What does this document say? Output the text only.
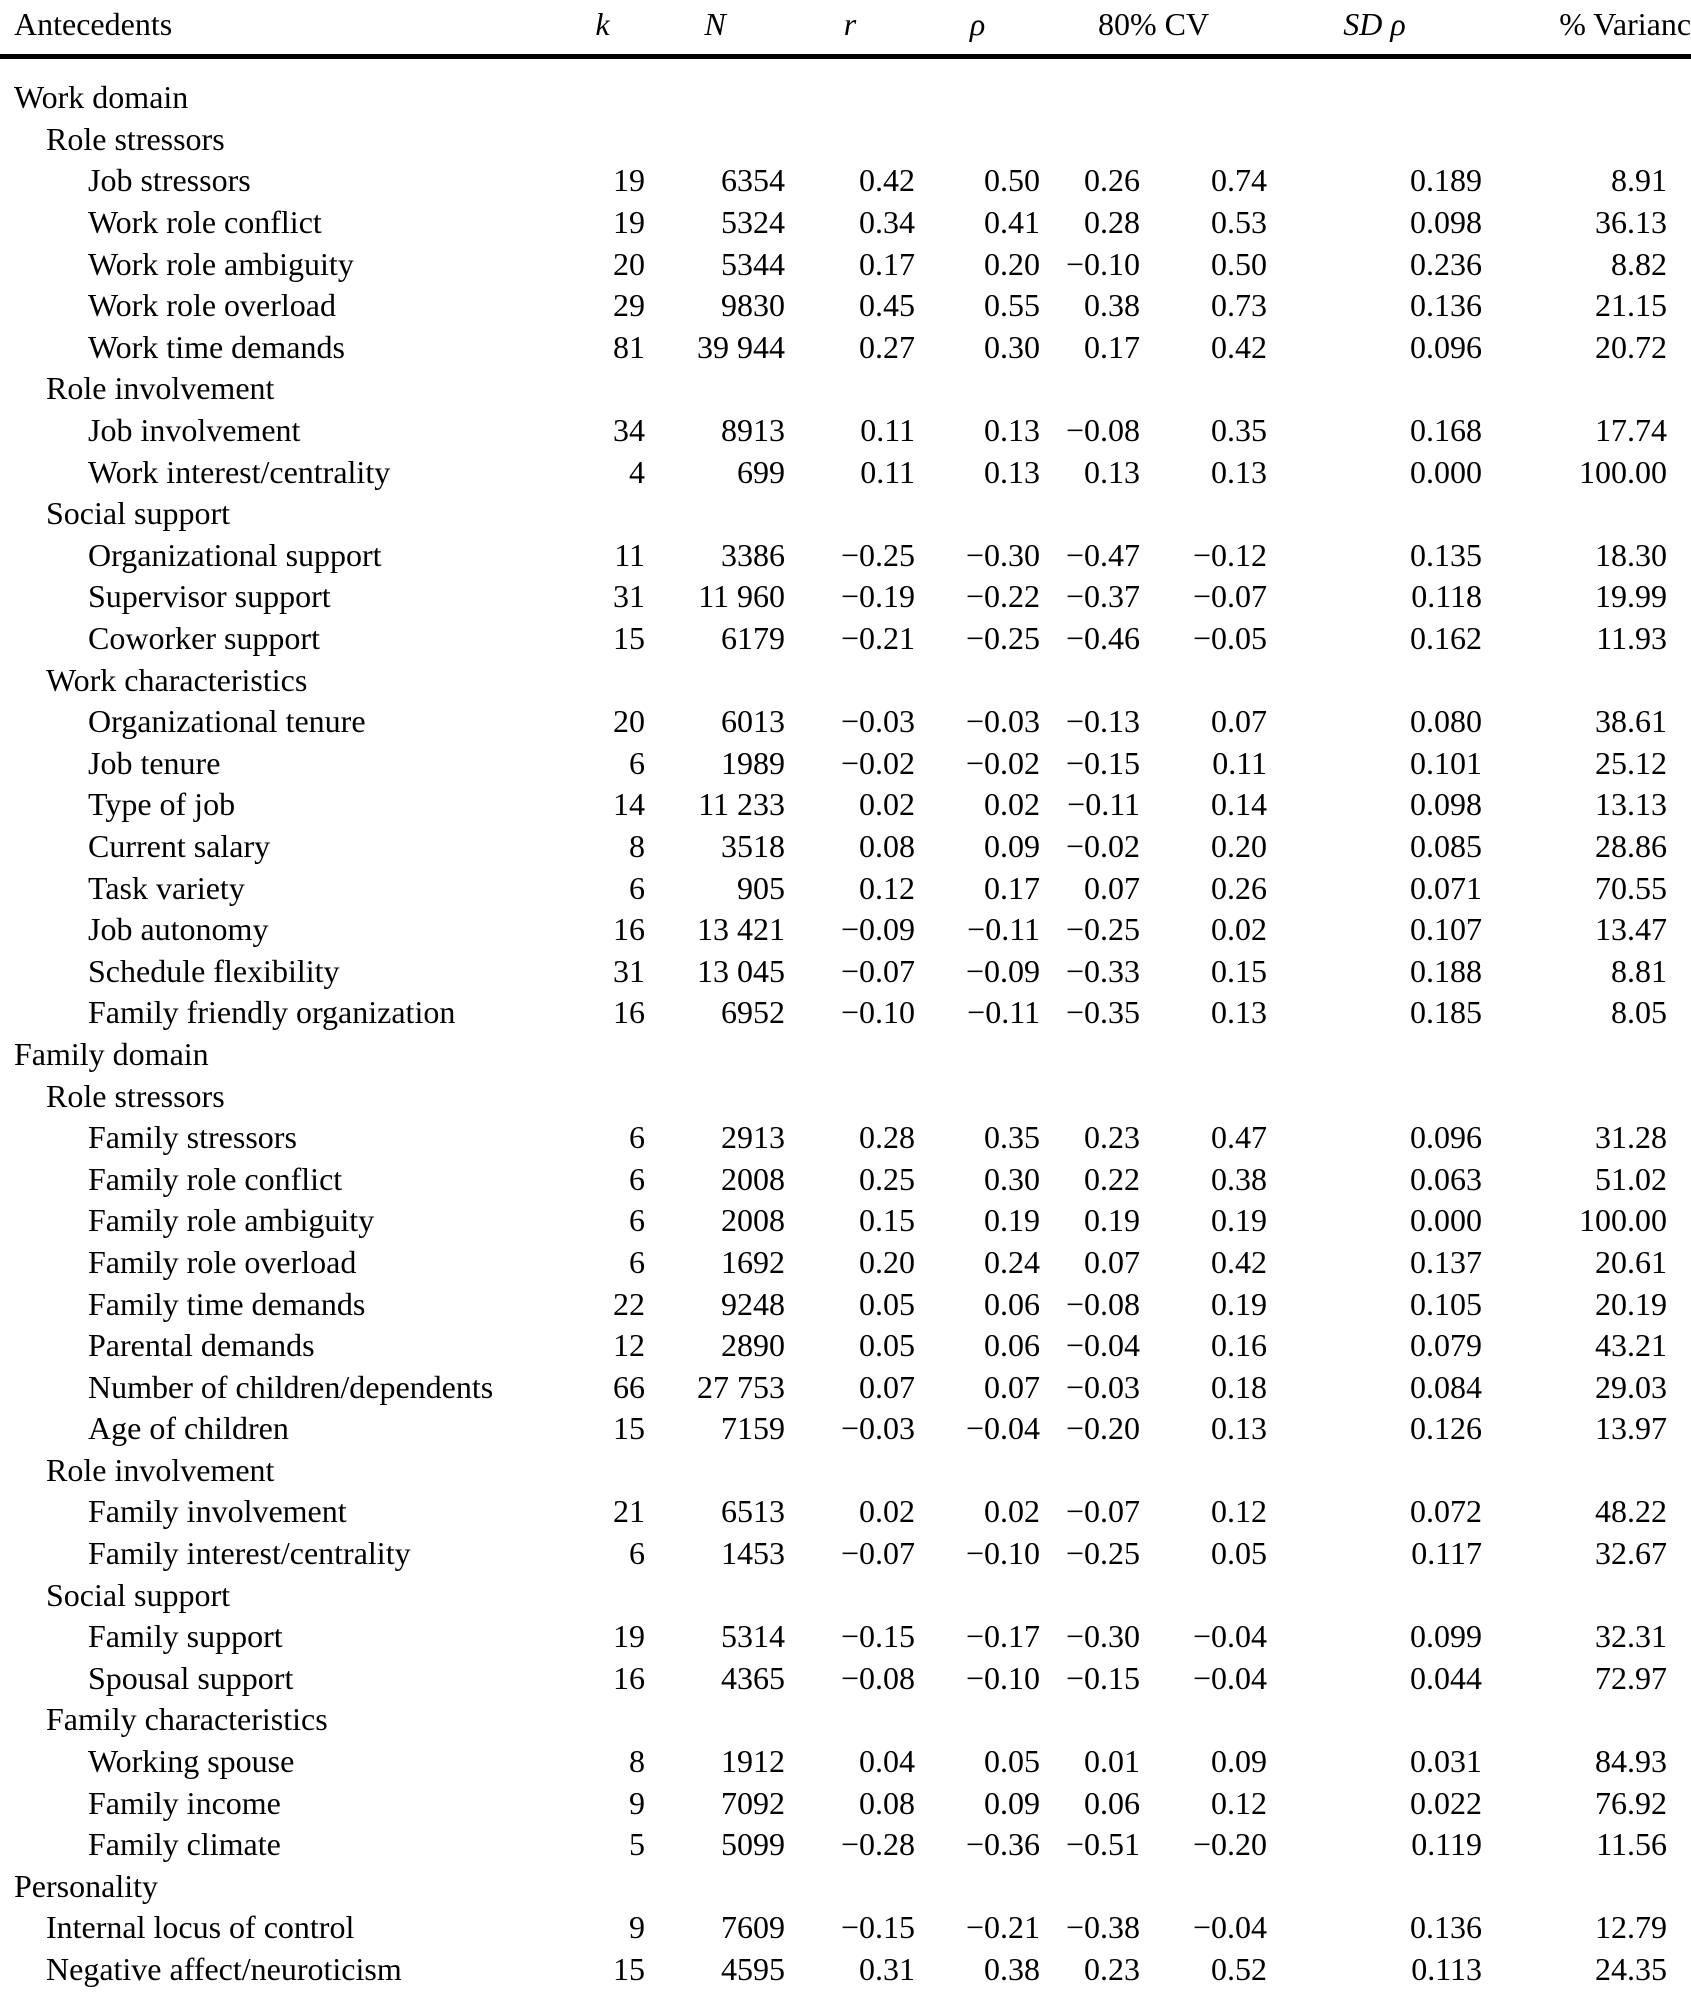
Antecedents	k	N	r	ρ	80% CV		SD ρ	% Varianc
Work domain								
Role stressors								
Job stressors	19	6354	0.42	0.50	0.26	0.74	0.189	8.91
Work role conflict	19	5324	0.34	0.41	0.28	0.53	0.098	36.13
Work role ambiguity	20	5344	0.17	0.20	−0.10	0.50	0.236	8.82
Work role overload	29	9830	0.45	0.55	0.38	0.73	0.136	21.15
Work time demands	81	39 944	0.27	0.30	0.17	0.42	0.096	20.72
Role involvement								
Job involvement	34	8913	0.11	0.13	−0.08	0.35	0.168	17.74
Work interest/centrality	4	699	0.11	0.13	0.13	0.13	0.000	100.00
Social support								
Organizational support	11	3386	−0.25	−0.30	−0.47	−0.12	0.135	18.30
Supervisor support	31	11 960	−0.19	−0.22	−0.37	−0.07	0.118	19.99
Coworker support	15	6179	−0.21	−0.25	−0.46	−0.05	0.162	11.93
Work characteristics								
Organizational tenure	20	6013	−0.03	−0.03	−0.13	0.07	0.080	38.61
Job tenure	6	1989	−0.02	−0.02	−0.15	0.11	0.101	25.12
Type of job	14	11 233	0.02	0.02	−0.11	0.14	0.098	13.13
Current salary	8	3518	0.08	0.09	−0.02	0.20	0.085	28.86
Task variety	6	905	0.12	0.17	0.07	0.26	0.071	70.55
Job autonomy	16	13 421	−0.09	−0.11	−0.25	0.02	0.107	13.47
Schedule flexibility	31	13 045	−0.07	−0.09	−0.33	0.15	0.188	8.81
Family friendly organization	16	6952	−0.10	−0.11	−0.35	0.13	0.185	8.05
Family domain								
Role stressors								
Family stressors	6	2913	0.28	0.35	0.23	0.47	0.096	31.28
Family role conflict	6	2008	0.25	0.30	0.22	0.38	0.063	51.02
Family role ambiguity	6	2008	0.15	0.19	0.19	0.19	0.000	100.00
Family role overload	6	1692	0.20	0.24	0.07	0.42	0.137	20.61
Family time demands	22	9248	0.05	0.06	−0.08	0.19	0.105	20.19
Parental demands	12	2890	0.05	0.06	−0.04	0.16	0.079	43.21
Number of children/dependents	66	27 753	0.07	0.07	−0.03	0.18	0.084	29.03
Age of children	15	7159	−0.03	−0.04	−0.20	0.13	0.126	13.97
Role involvement								
Family involvement	21	6513	0.02	0.02	−0.07	0.12	0.072	48.22
Family interest/centrality	6	1453	−0.07	−0.10	−0.25	0.05	0.117	32.67
Social support								
Family support	19	5314	−0.15	−0.17	−0.30	−0.04	0.099	32.31
Spousal support	16	4365	−0.08	−0.10	−0.15	−0.04	0.044	72.97
Family characteristics								
Working spouse	8	1912	0.04	0.05	0.01	0.09	0.031	84.93
Family income	9	7092	0.08	0.09	0.06	0.12	0.022	76.92
Family climate	5	5099	−0.28	−0.36	−0.51	−0.20	0.119	11.56
Personality								
Internal locus of control	9	7609	−0.15	−0.21	−0.38	−0.04	0.136	12.79
Negative affect/neuroticism	15	4595	0.31	0.38	0.23	0.52	0.113	24.35
